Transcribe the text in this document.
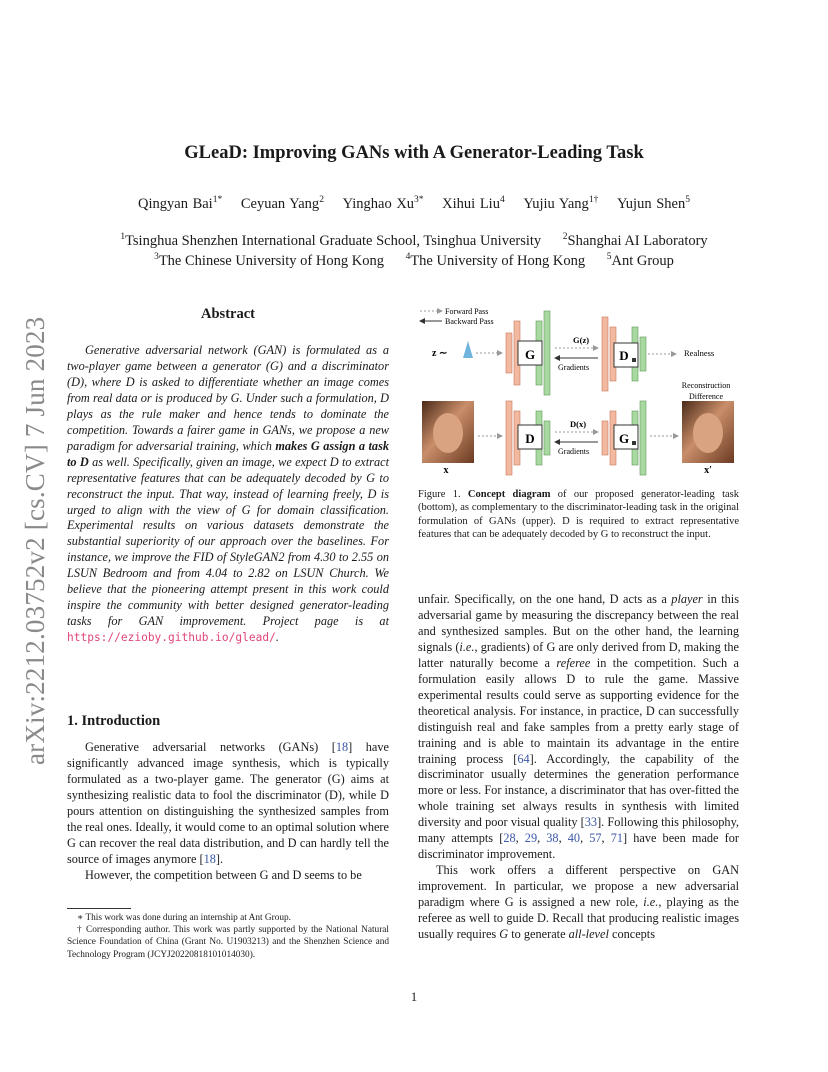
arXiv:2212.03752v2 [cs.CV] 7 Jun 2023
GLeaD: Improving GANs with A Generator-Leading Task
Qingyan Bai$^{1*}$ Ceyuan Yang$^2$ Yinghao $Xu^{3*}$ Xihui Liu$^4$ Yujiu Yang$^{1\dagger}$ Yujun Shen$^5$
$^1$Tsinghua Shenzhen International Graduate School, Tsinghua University $^2$Shanghai AI Laboratory
$^3$The Chinese University of Hong Kong $^4$The University of Hong Kong $^5$Ant Group
Abstract

Generative adversarial network (GAN) is formulated as a two-player game between a generator (G) and a discriminator (D), where D is asked to differentiate whether an image comes from real data or is produced by G. Under such a formulation, D plays as the rule maker and hence tends to dominate the competition. Towards a fairer game in GANs, we propose a new paradigm for adversarial training, which makes G assign a task to D as well. Specifically, given an image, we expect D to extract representative features that can be adequately decoded by G to reconstruct the input. That way, instead of learning freely, D is urged to align with the view of G for domain classification. Experimental results on various datasets demonstrate the substantial superiority of our approach over the baselines. For instance, we improve the FID of StyleGAN2 from 4.30 to 2.55 on LSUN Bedroom and from 4.04 to 2.82 on LSUN Church. We believe that the pioneering attempt present in this work could inspire the community with better designed generator-leading tasks for GAN improvement. Project page is at https://ezioby.github.io/glead/.

1. Introduction

Generative adversarial networks (GANs) [18] have significantly advanced image synthesis, which is typically formulated as a two-player game. The generator (G) aims at synthesizing realistic data to fool the discriminator (D), while D pours attention on distinguishing the synthesized samples from the real ones. Ideally, it would come to an optimal solution where G can recover the real data distribution, and D can hardly tell the source of images anymore [18].

However, the competition between G and D seems to be

∗ This work was done during an internship at Ant Group.

† Corresponding author. This work was partly supported by the National Natural Science Foundation of China (Grant No. U1903213) and the Shenzhen Science and Technology Program (JCYJ20220818101014030).

Forward Pass
Backward Pass
z ∼	G
G(z)
Gradients
D	Realness
Reconstruction
Difference
x
D
D(x)
Gradients
G
x′
Figure 1. Concept diagram of our proposed generator-leading task (bottom), as complementary to the discriminator-leading task in the original formulation of GANs (upper). D is required to extract representative features that can be adequately decoded by G to reconstruct the input.

unfair. Specifically, on the one hand, D acts as a player in this adversarial game by measuring the discrepancy between the real and synthesized samples. But on the other hand, the learning signals (i.e., gradients) of G are only derived from D, making the latter naturally become a referee in the competition. Such a formulation easily allows D to rule the game. Massive experimental results could serve as supporting evidence for the theoretical analysis. For instance, in practice, D can successfully distinguish real and fake samples from a pretty early stage of training and is able to maintain its advantage in the entire training process [64]. Accordingly, the capability of the discriminator usually determines the generation performance more or less. For instance, a discriminator that has over-fitted the whole training set always results in synthesis with limited diversity and poor visual quality [33]. Following this philosophy, many attempts [28, 29, 38, 40, 57, 71] have been made for discriminator improvement.

This work offers a different perspective on GAN improvement. In particular, we propose a new adversarial paradigm where G is assigned a new role, i.e., playing as the referee as well to guide D. Recall that producing realistic images usually requires G to generate all-level concepts

1
